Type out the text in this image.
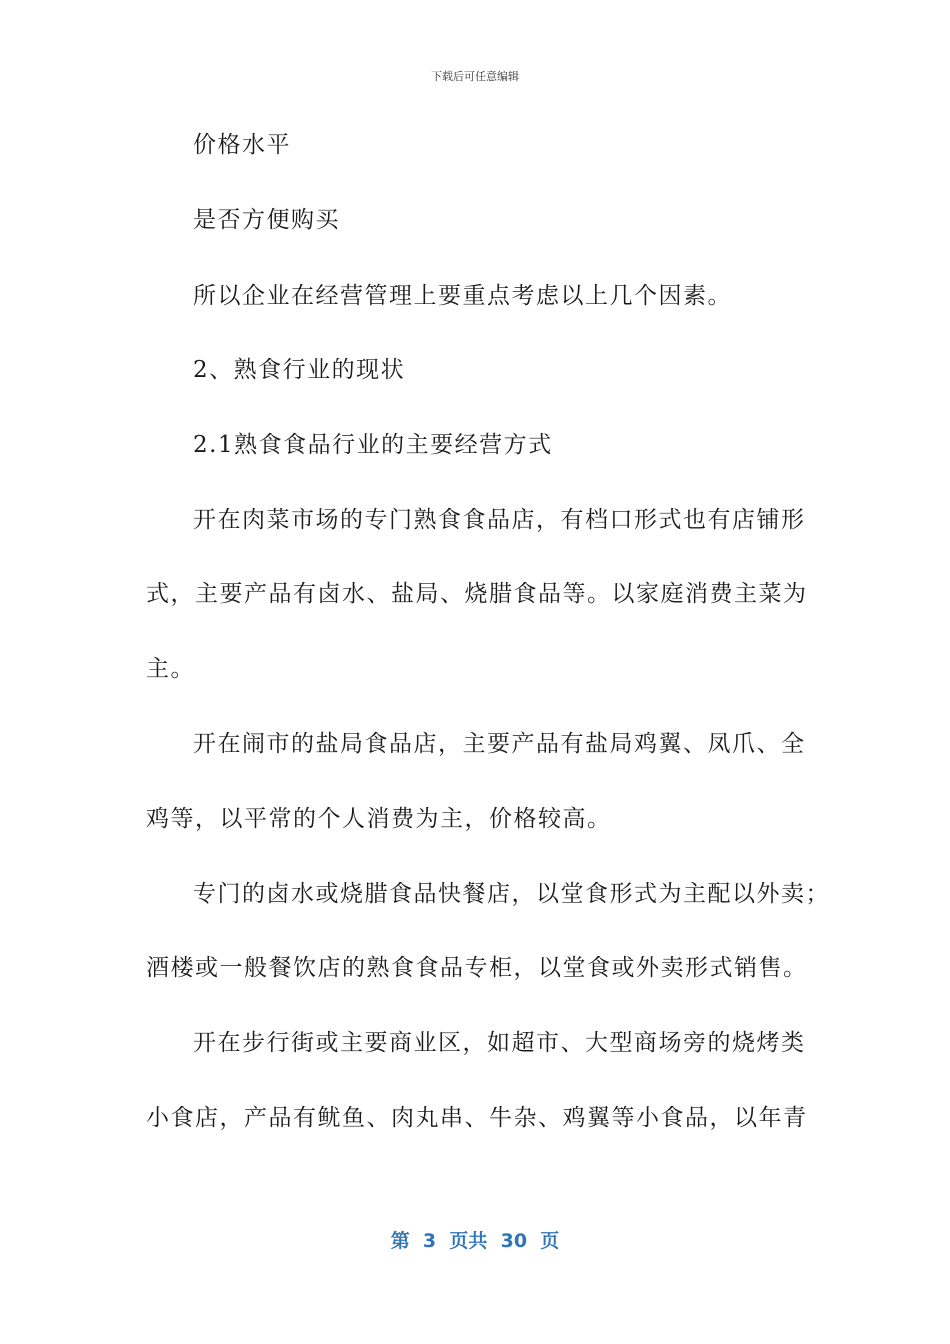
下载后可任意编辑
价格水平
是否方便购买
所以企业在经营管理上要重点考虑以上几个因素。
2、熟食行业的现状
2.1熟食食品行业的主要经营方式
开在肉菜市场的专门熟食食品店，有档口形式也有店铺形
式，主要产品有卤水、盐局、烧腊食品等。以家庭消费主菜为
主。
开在闹市的盐局食品店，主要产品有盐局鸡翼、凤爪、全
鸡等，以平常的个人消费为主，价格较高。
专门的卤水或烧腊食品快餐店，以堂食形式为主配以外卖；
酒楼或一般餐饮店的熟食食品专柜，以堂食或外卖形式销售。
开在步行街或主要商业区，如超市、大型商场旁的烧烤类
小食店，产品有鱿鱼、肉丸串、牛杂、鸡翼等小食品，以年青
第  3  页共  30  页
